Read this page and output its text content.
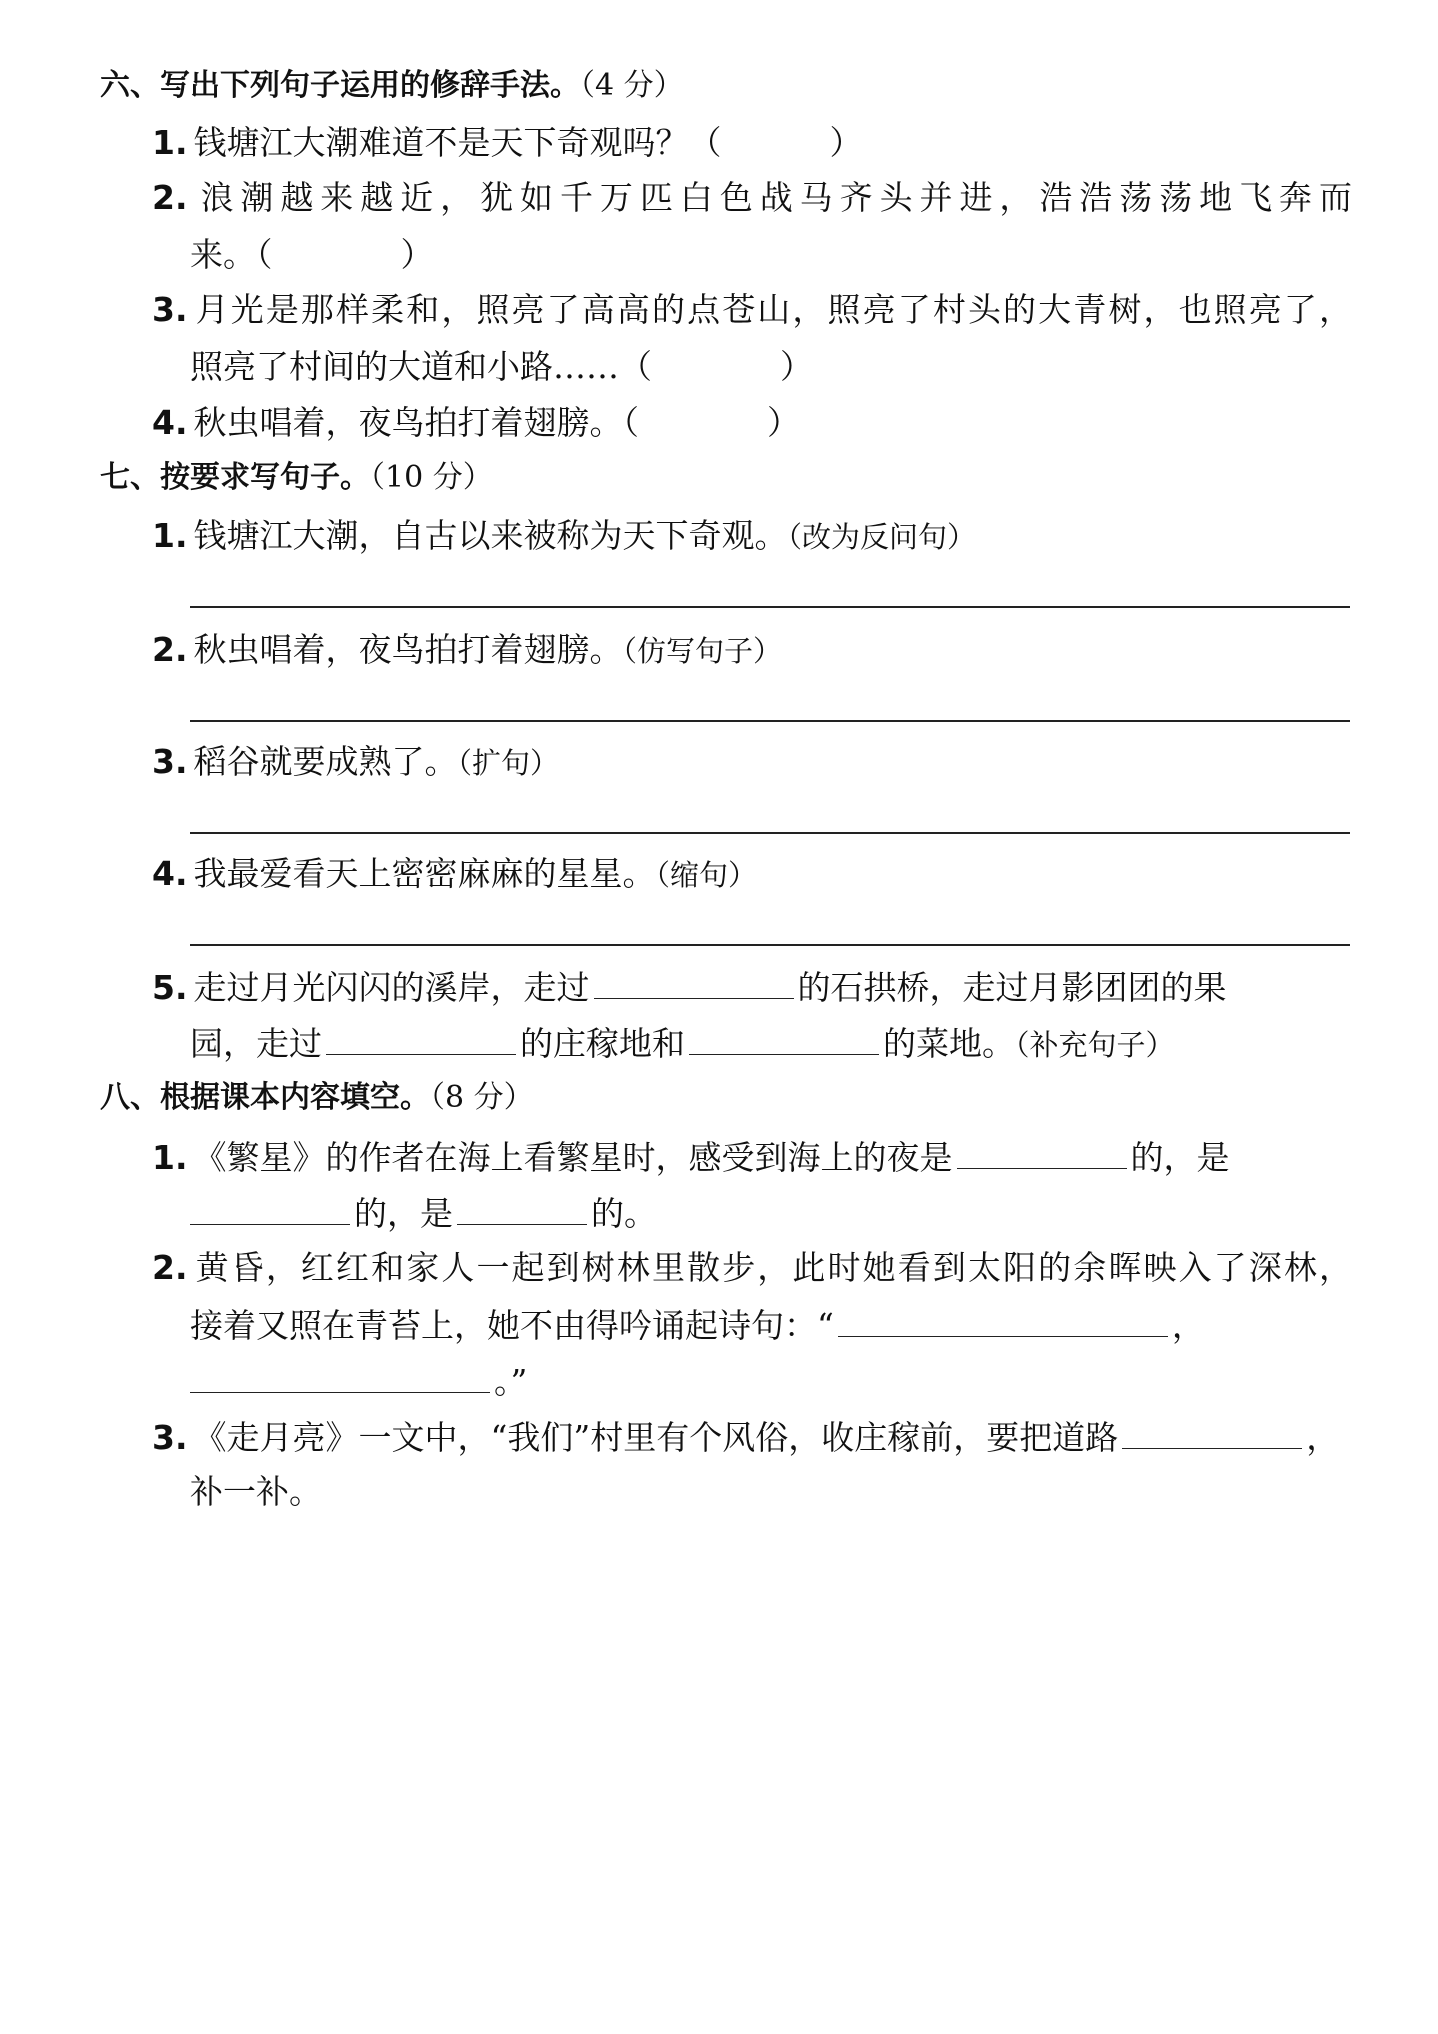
六、写出下列句子运用的修辞手法。（4 分）
1. 钱塘江大潮难道不是天下奇观吗？（	）
2. 浪潮越来越近，犹如千万匹白色战马齐头并进，浩浩荡荡地飞奔而
来。（	）
3. 月光是那样柔和，照亮了高高的点苍山，照亮了村头的大青树，也照亮了，
照亮了村间的大道和小路……（	）
4. 秋虫唱着，夜鸟拍打着翅膀。（	）
七、按要求写句子。（10 分）
1. 钱塘江大潮，自古以来被称为天下奇观。（改为反问句）
2. 秋虫唱着，夜鸟拍打着翅膀。（仿写句子）
3. 稻谷就要成熟了。（扩句）
4. 我最爱看天上密密麻麻的星星。（缩句）
5. 走过月光闪闪的溪岸，走过	的石拱桥，走过月影团团的果
园，走过	的庄稼地和	的菜地。（补充句子）
八、根据课本内容填空。（8 分）
1. 《繁星》的作者在海上看繁星时，感受到海上的夜是	的，是
的，是	的。
2. 黄昏，红红和家人一起到树林里散步，此时她看到太阳的余晖映入了深林，
接着又照在青苔上，她不由得吟诵起诗句：“	，
。”
3. 《走月亮》一文中，“我们”村里有个风俗，收庄稼前，要把道路	，
补一补。
